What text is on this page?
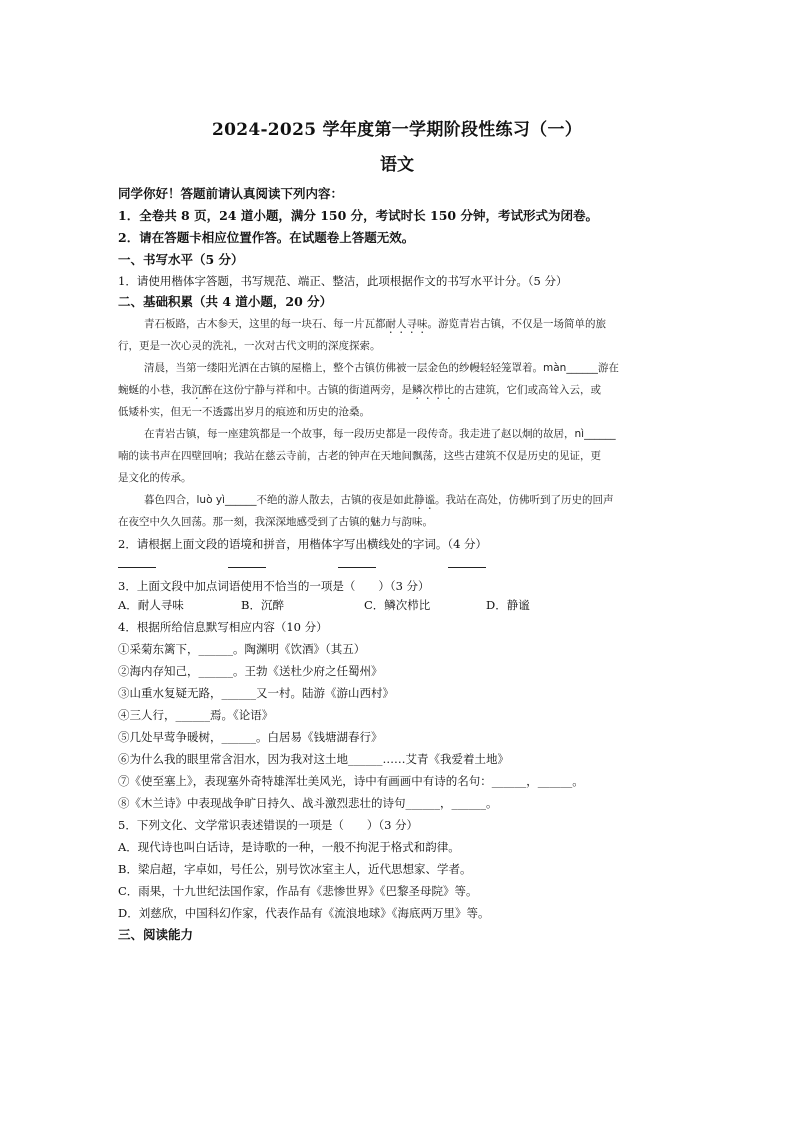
2024-2025 学年度第一学期阶段性练习（一）
语文
同学你好！答题前请认真阅读下列内容：
1．全卷共 8 页，24 道小题，满分 150 分，考试时长 150 分钟，考试形式为闭卷。
2．请在答题卡相应位置作答。在试题卷上答题无效。
一、书写水平（5 分）
1．请使用楷体字答题，书写规范、端正、整洁，此项根据作文的书写水平计分。（5 分）
二、基础积累（共 4 道小题，20 分）
青石板路，古木参天，这里的每一块石、每一片瓦都耐人寻味。游览青岩古镇，不仅是一场简单的旅
行，更是一次心灵的洗礼，一次对古代文明的深度探索。
清晨，当第一缕阳光洒在古镇的屋檐上，整个古镇仿佛被一层金色的纱幔轻轻笼罩着。màn______游在
蜿蜒的小巷，我沉醉在这份宁静与祥和中。古镇的街道两旁，是鳞次栉比的古建筑，它们或高耸入云，或
低矮朴实，但无一不透露出岁月的痕迹和历史的沧桑。
在青岩古镇，每一座建筑都是一个故事，每一段历史都是一段传奇。我走进了赵以炯的故居，nì______
喃的读书声在四壁回响；我站在慈云寺前，古老的钟声在天地间飘荡，这些古建筑不仅是历史的见证，更
是文化的传承。
暮色四合，luò yì______不绝的游人散去，古镇的夜是如此静谧。我站在高处，仿佛听到了历史的回声
在夜空中久久回荡。那一刻，我深深地感受到了古镇的魅力与韵味。
2．请根据上面文段的语境和拼音，用楷体字写出横线处的字词。（4 分）
3．上面文段中加点词语使用不恰当的一项是（　　）（3 分）
A．耐人寻味	B．沉醉	C．鳞次栉比	D．静谧
4．根据所给信息默写相应内容（10 分）
①采菊东篱下，______。陶渊明《饮酒》（其五）
②海内存知己，______。王勃《送杜少府之任蜀州》
③山重水复疑无路，______又一村。陆游《游山西村》
④三人行，______焉。《论语》
⑤几处早莺争暖树，______。白居易《钱塘湖春行》
⑥为什么我的眼里常含泪水，因为我对这土地______……艾青《我爱着土地》
⑦《使至塞上》，表现塞外奇特雄浑壮美风光，诗中有画画中有诗的名句：______，______。
⑧《木兰诗》中表现战争旷日持久、战斗激烈悲壮的诗句______，______。
5．下列文化、文学常识表述错误的一项是（　　）（3 分）
A．现代诗也叫白话诗，是诗歌的一种，一般不拘泥于格式和韵律。
B．梁启超，字卓如，号任公，别号饮冰室主人，近代思想家、学者。
C．雨果，十九世纪法国作家，作品有《悲惨世界》《巴黎圣母院》等。
D．刘慈欣，中国科幻作家，代表作品有《流浪地球》《海底两万里》等。
三、阅读能力
